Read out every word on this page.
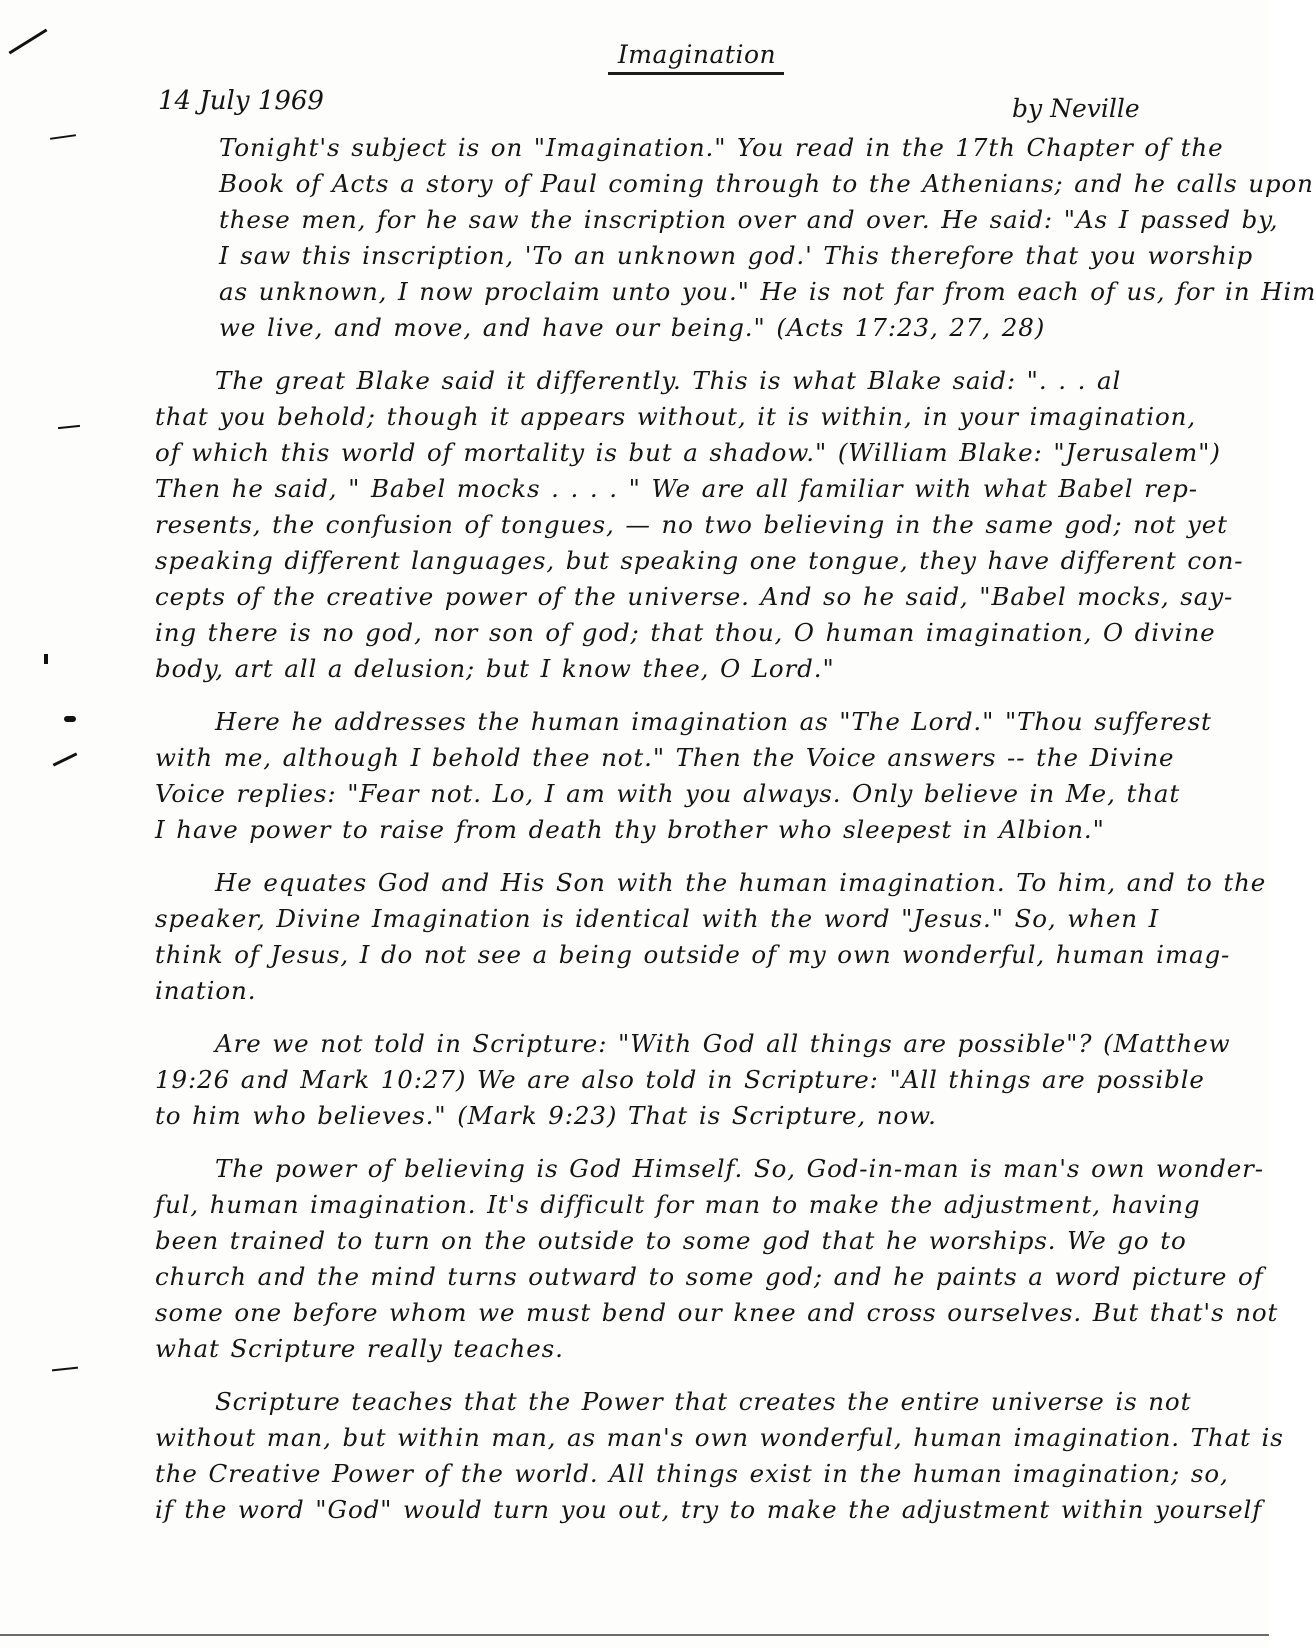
Imagination
14 July 1969	by Neville

Tonight's subject is on "Imagination." You read in the 17th Chapter of the
Book of Acts a story of Paul coming through to the Athenians; and he calls upon
these men, for he saw the inscription over and over. He said: "As I passed by,
I saw this inscription, 'To an unknown god.' This therefore that you worship
as unknown, I now proclaim unto you." He is not far from each of us, for in Him
we live, and move, and have our being." (Acts 17:23, 27, 28)

The great Blake said it differently. This is what Blake said: ". . . al
that you behold; though it appears without, it is within, in your imagination,
of which this world of mortality is but a shadow." (William Blake: "Jerusalem")
Then he said, " Babel mocks . . . . " We are all familiar with what Babel rep-
resents, the confusion of tongues, — no two believing in the same god; not yet
speaking different languages, but speaking one tongue, they have different con-
cepts of the creative power of the universe. And so he said, "Babel mocks, say-
ing there is no god, nor son of god; that thou, O human imagination, O divine
body, art all a delusion; but I know thee, O Lord."

Here he addresses the human imagination as "The Lord." "Thou sufferest
with me, although I behold thee not." Then the Voice answers -- the Divine
Voice replies: "Fear not. Lo, I am with you always. Only believe in Me, that
I have power to raise from death thy brother who sleepest in Albion."

He equates God and His Son with the human imagination. To him, and to the
speaker, Divine Imagination is identical with the word "Jesus." So, when I
think of Jesus, I do not see a being outside of my own wonderful, human imag-
ination.

Are we not told in Scripture: "With God all things are possible"? (Matthew
19:26 and Mark 10:27) We are also told in Scripture: "All things are possible
to him who believes." (Mark 9:23) That is Scripture, now.

The power of believing is God Himself. So, God-in-man is man's own wonder-
ful, human imagination. It's difficult for man to make the adjustment, having
been trained to turn on the outside to some god that he worships. We go to
church and the mind turns outward to some god; and he paints a word picture of
some one before whom we must bend our knee and cross ourselves. But that's not
what Scripture really teaches.

Scripture teaches that the Power that creates the entire universe is not
without man, but within man, as man's own wonderful, human imagination. That is
the Creative Power of the world. All things exist in the human imagination; so,
if the word "God" would turn you out, try to make the adjustment within yourself
